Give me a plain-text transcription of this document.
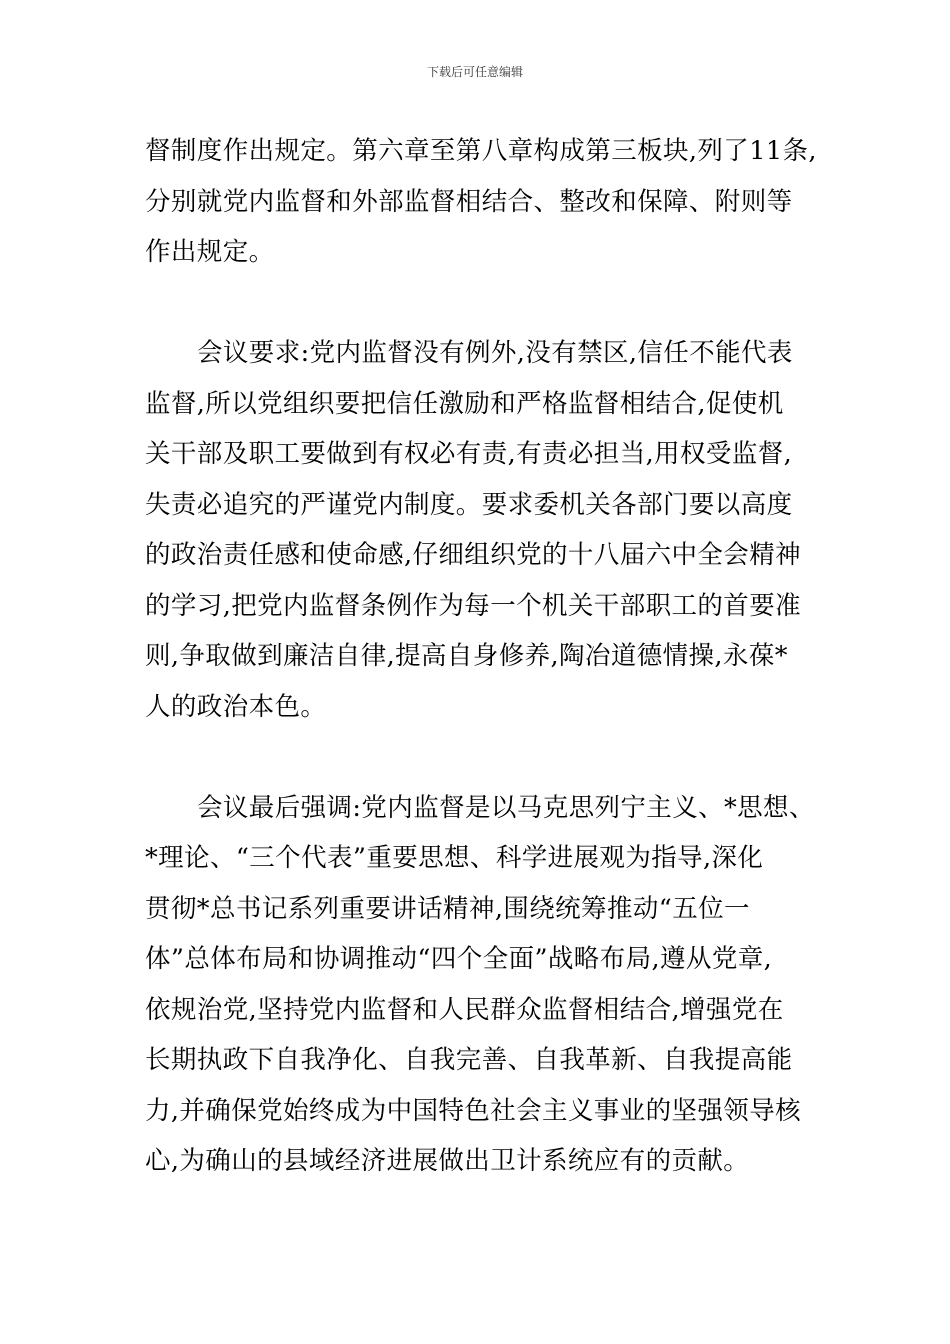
下载后可任意编辑

督制度作出规定。第六章至第八章构成第三板块,列了11条,
分别就党内监督和外部监督相结合、整改和保障、附则等
作出规定。

会议要求:党内监督没有例外,没有禁区,信任不能代表
监督,所以党组织要把信任激励和严格监督相结合,促使机
关干部及职工要做到有权必有责,有责必担当,用权受监督,
失责必追究的严谨党内制度。要求委机关各部门要以高度
的政治责任感和使命感,仔细组织党的十八届六中全会精神
的学习,把党内监督条例作为每一个机关干部职工的首要准
则,争取做到廉洁自律,提高自身修养,陶冶道德情操,永葆*
人的政治本色。

会议最后强调:党内监督是以马克思列宁主义、*思想、
*理论、“三个代表”重要思想、科学进展观为指导,深化
贯彻*总书记系列重要讲话精神,围绕统筹推动“五位一
体”总体布局和协调推动“四个全面”战略布局,遵从党章,
依规治党,坚持党内监督和人民群众监督相结合,增强党在
长期执政下自我净化、自我完善、自我革新、自我提高能
力,并确保党始终成为中国特色社会主义事业的坚强领导核
心,为确山的县域经济进展做出卫计系统应有的贡献。
